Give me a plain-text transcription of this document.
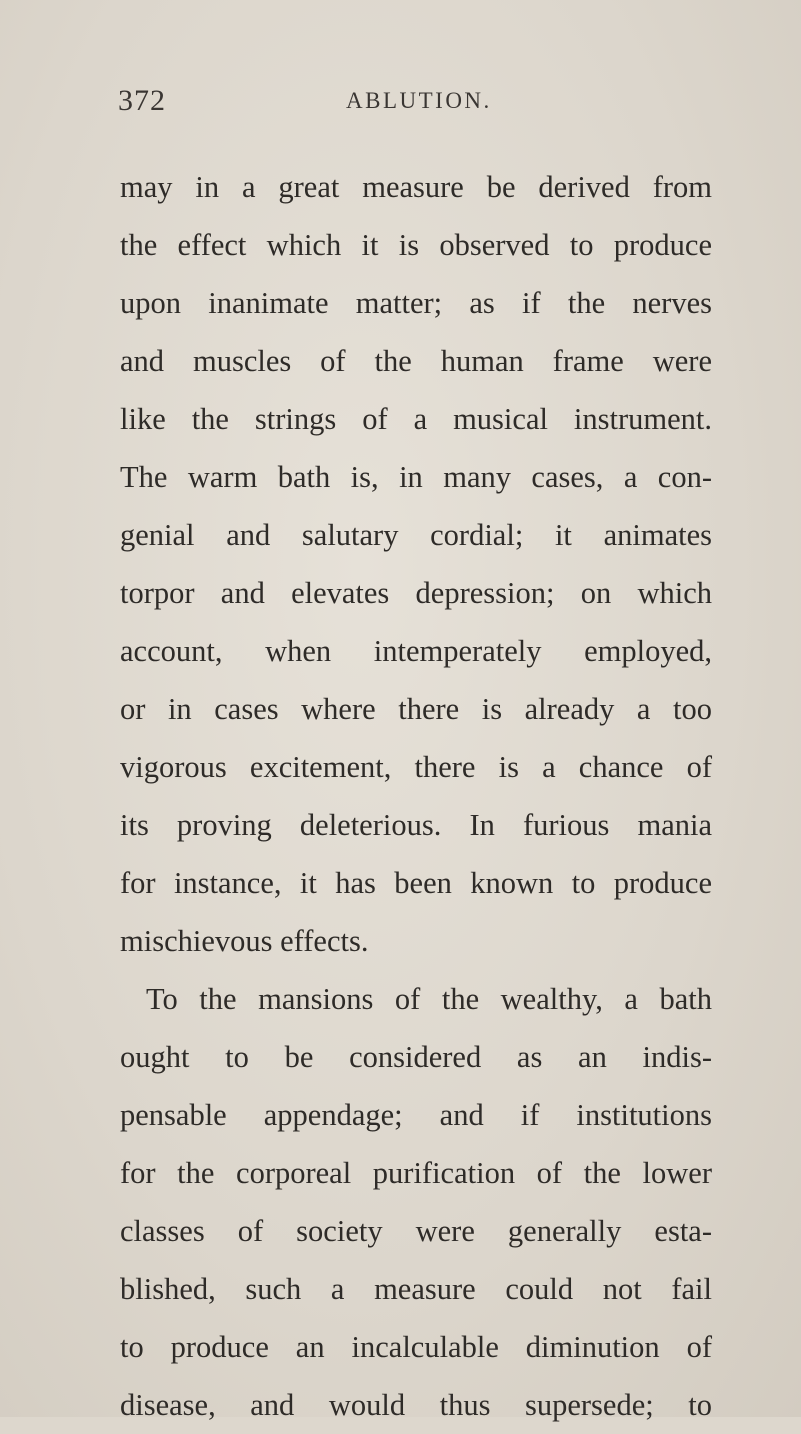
372	ABLUTION.
may in a great measure be derived from
the effect which it is observed to produce
upon inanimate matter; as if the nerves
and muscles of the human frame were
like the strings of a musical instrument.
The warm bath is, in many cases, a con-
genial and salutary cordial; it animates
torpor and elevates depression; on which
account, when intemperately employed,
or in cases where there is already a too
vigorous excitement, there is a chance of
its proving deleterious. In furious mania
for instance, it has been known to produce
mischievous effects.
To the mansions of the wealthy, a bath
ought to be considered as an indis-
pensable appendage; and if institutions
for the corporeal purification of the lower
classes of society were generally esta-
blished, such a measure could not fail
to produce an incalculable diminution of
disease, and would thus supersede; to
